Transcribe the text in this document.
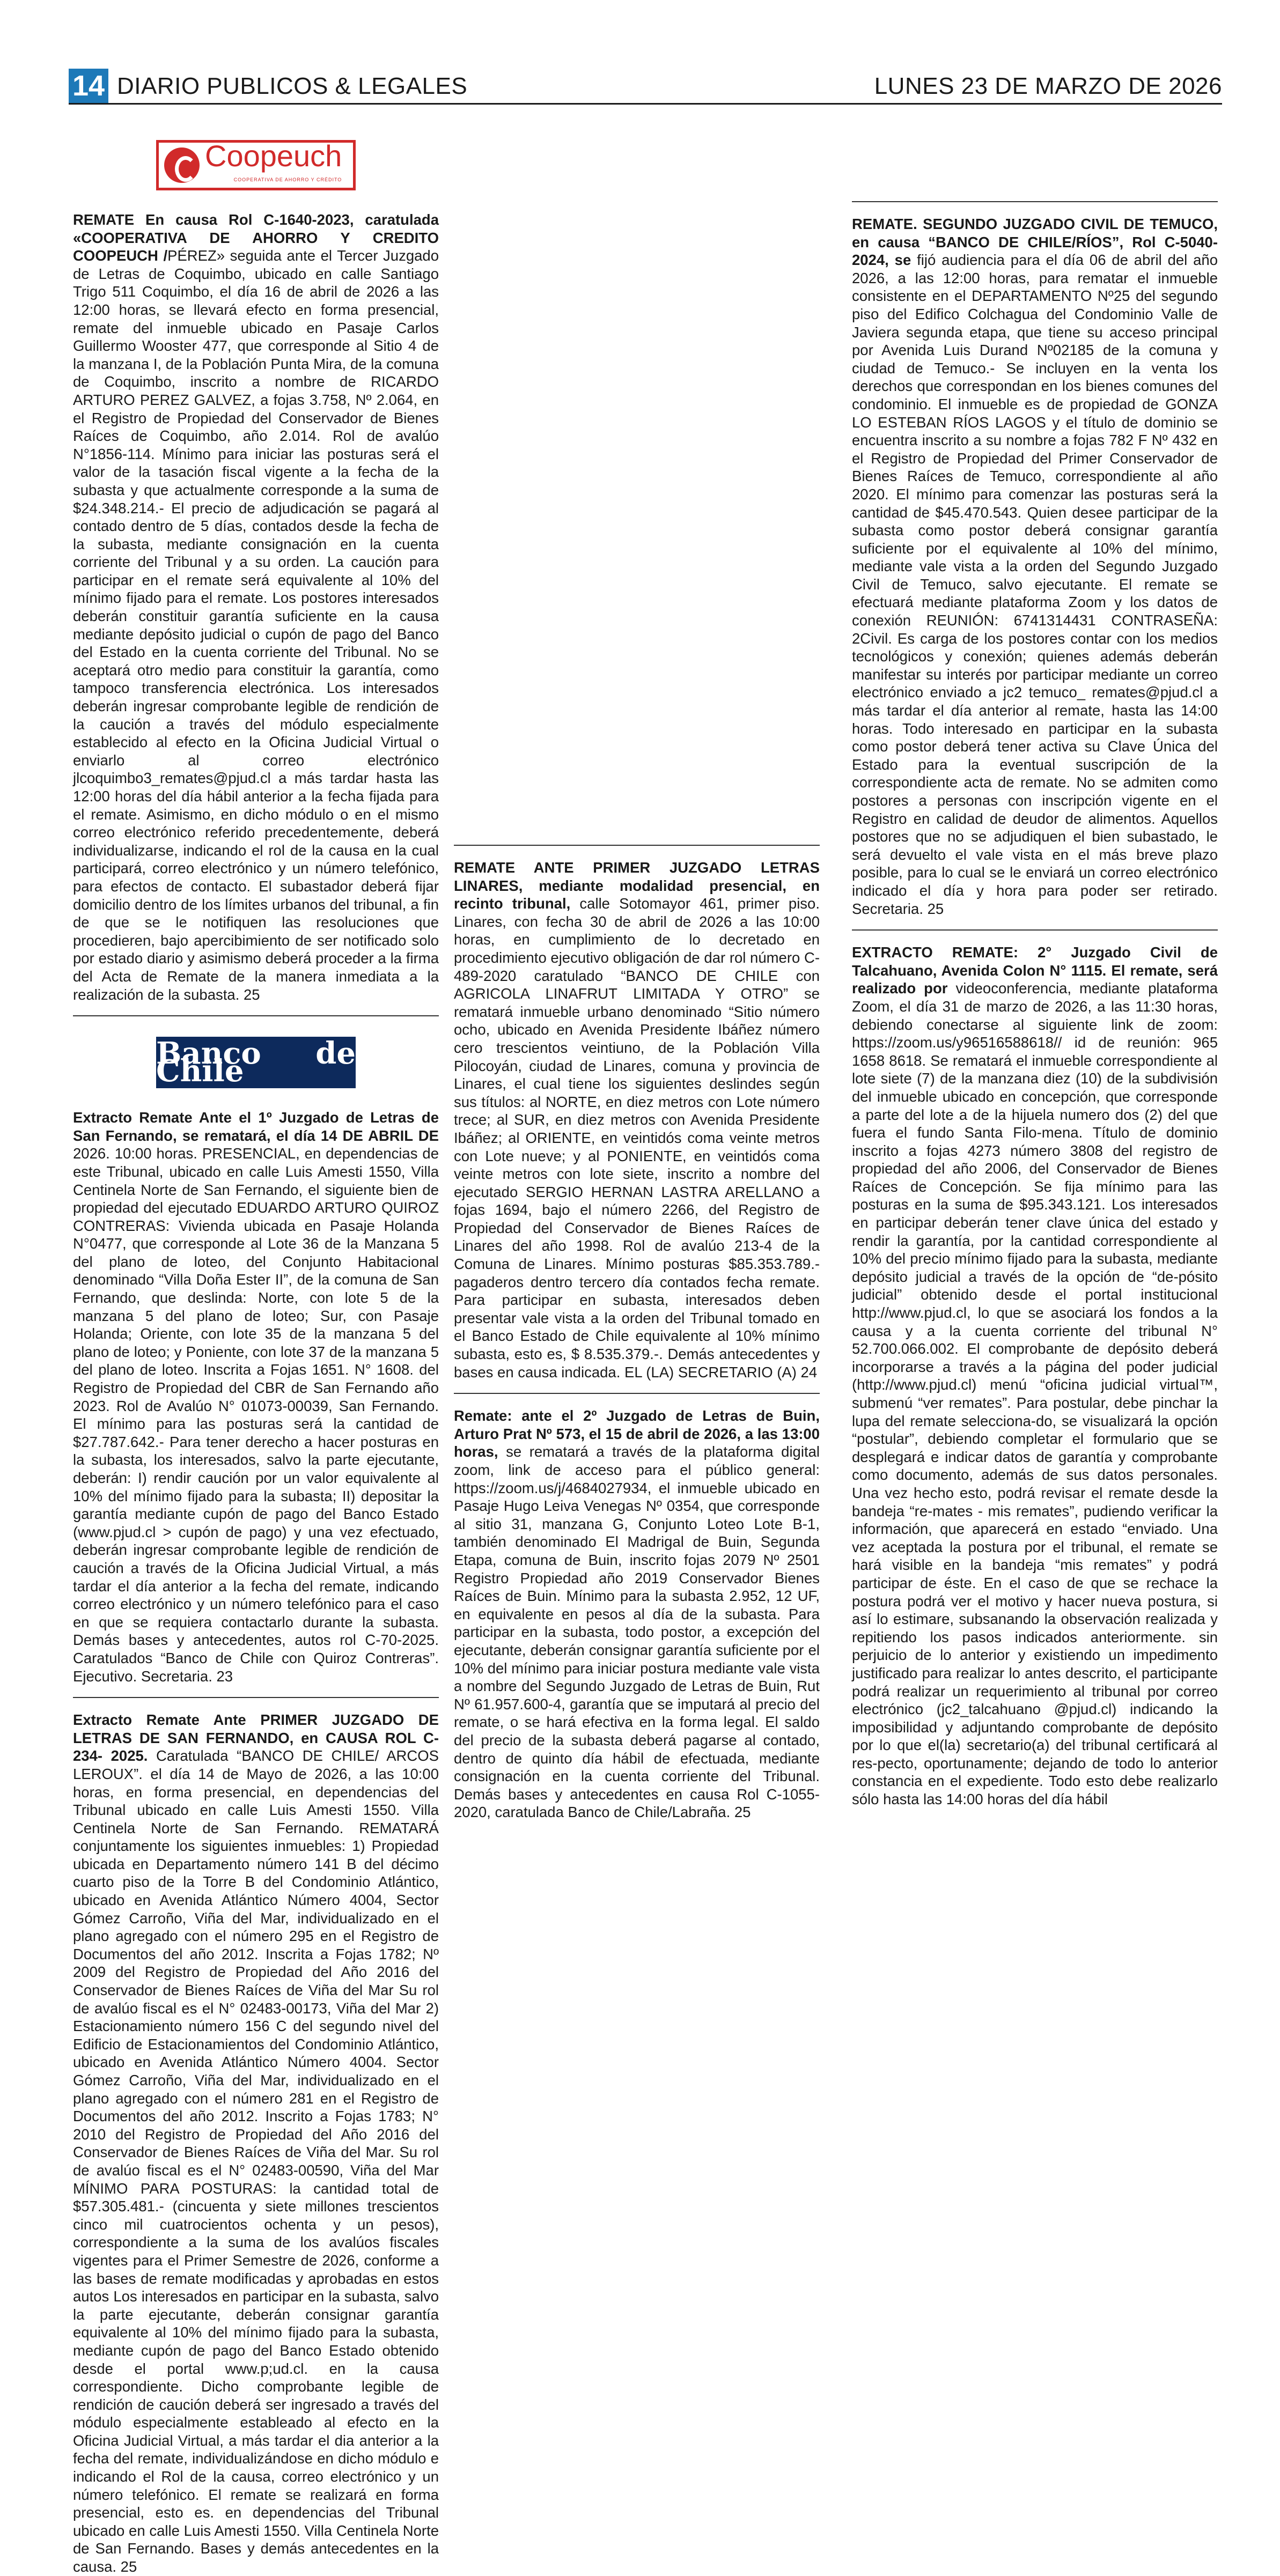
14 DIARIO PUBLICOS & LEGALES	LUNES 23 DE MARZO DE 2026
Coopeuch
COOPERATIVA DE AHORRO Y CRÉDITO

REMATE En causa Rol C-1640-2023, caratulada «COOPERATIVA DE AHORRO Y CREDITO COOPEUCH /PÉREZ» seguida ante el Tercer Juzgado de Letras de Coquimbo, ubicado en calle Santiago Trigo 511 Coquimbo, el día 16 de abril de 2026 a las 12:00 horas, se llevará efecto en forma presencial, remate del inmueble ubicado en Pasaje Carlos Guillermo Wooster 477, que corresponde al Sitio 4 de la manzana I, de la Población Punta Mira, de la comuna de Coquimbo, inscrito a nombre de RICARDO ARTURO PEREZ GALVEZ, a fojas 3.758, Nº 2.064, en el Registro de Propiedad del Conservador de Bienes Raíces de Coquimbo, año 2.014. Rol de avalúo N°1856-114. Mínimo para iniciar las posturas será el valor de la tasación fiscal vigente a la fecha de la subasta y que actualmente corresponde a la suma de $24.348.214.- El precio de adjudicación se pagará al contado dentro de 5 días, contados desde la fecha de la subasta, mediante consignación en la cuenta corriente del Tribunal y a su orden. La caución para participar en el remate será equivalente al 10% del mínimo fijado para el remate. Los postores interesados deberán constituir garantía suficiente en la causa mediante depósito judicial o cupón de pago del Banco del Estado en la cuenta corriente del Tribunal. No se aceptará otro medio para constituir la garantía, como tampoco transferencia electrónica. Los interesados deberán ingresar comprobante legible de rendición de la caución a través del módulo especialmente establecido al efecto en la Oficina Judicial Virtual o enviarlo al correo electrónico jlcoquimbo3_remates@pjud.cl a más tardar hasta las 12:00 horas del día hábil anterior a la fecha fijada para el remate. Asimismo, en dicho módulo o en el mismo correo electrónico referido precedentemente, deberá individualizarse, indicando el rol de la causa en la cual participará, correo electrónico y un número telefónico, para efectos de contacto. El subastador deberá fijar domicilio dentro de los límites urbanos del tribunal, a fin de que se le notifiquen las resoluciones que procedieren, bajo apercibimiento de ser notificado solo por estado diario y asimismo deberá proceder a la firma del Acta de Remate de la manera inmediata a la realización de la subasta. 25

Banco de Chile

Extracto Remate Ante el 1º Juzgado de Letras de San Fernando, se rematará, el día 14 DE ABRIL DE 2026. 10:00 horas. PRESENCIAL, en dependencias de este Tribunal, ubicado en calle Luis Amesti 1550, Villa Centinela Norte de San Fernando, el siguiente bien de propiedad del ejecutado EDUARDO ARTURO QUIROZ CONTRERAS: Vivienda ubicada en Pasaje Holanda N°0477, que corresponde al Lote 36 de la Manzana 5 del plano de loteo, del Conjunto Habitacional denominado “Villa Doña Ester II”, de la comuna de San Fernando, que deslinda: Norte, con lote 5 de la manzana 5 del plano de loteo; Sur, con Pasaje Holanda; Oriente, con lote 35 de la manzana 5 del plano de loteo; y Poniente, con lote 37 de la manzana 5 del plano de loteo. Inscrita a Fojas 1651. N° 1608. del Registro de Propiedad del CBR de San Fernando año 2023. Rol de Avalúo N° 01073-00039, San Fernando. El mínimo para las posturas será la cantidad de $27.787.642.- Para tener derecho a hacer posturas en la subasta, los interesados, salvo la parte ejecutante, deberán: I) rendir caución por un valor equivalente al 10% del mínimo fijado para la subasta; II) depositar la garantía mediante cupón de pago del Banco Estado (www.pjud.cl > cupón de pago) y una vez efectuado, deberán ingresar comprobante legible de rendición de caución a través de la Oficina Judicial Virtual, a más tardar el día anterior a la fecha del remate, indicando correo electrónico y un número telefónico para el caso en que se requiera contactarlo durante la subasta. Demás bases y antecedentes, autos rol C-70-2025. Caratulados “Banco de Chile con Quiroz Contreras”. Ejecutivo. Secretaria. 23

Extracto Remate Ante PRIMER JUZGADO DE LETRAS DE SAN FERNANDO, en CAUSA ROL C-234- 2025. Caratulada “BANCO DE CHILE/ ARCOS LEROUX”. el día 14 de Mayo de 2026, a las 10:00 horas, en forma presencial, en dependencias del Tribunal ubicado en calle Luis Amesti 1550. Villa Centinela Norte de San Fernando. REMATARÁ conjuntamente los siguientes inmuebles: 1) Propiedad ubicada en Departamento número 141 B del décimo cuarto piso de la Torre B del Condominio Atlántico, ubicado en Avenida Atlántico Número 4004, Sector Gómez Carroño, Viña del Mar, individualizado en el plano agregado con el número 295 en el Registro de Documentos del año 2012. Inscrita a Fojas 1782; Nº 2009 del Registro de Propiedad del Año 2016 del Conservador de Bienes Raíces de Viña del Mar Su rol de avalúo fiscal es el N° 02483-00173, Viña del Mar 2) Estacionamiento número 156 C del segundo nivel del Edificio de Estacionamientos del Condominio Atlántico, ubicado en Avenida Atlántico Número 4004. Sector Gómez Carroño, Viña del Mar, individualizado en el plano agregado con el número 281 en el Registro de Documentos del año 2012. Inscrito a Fojas 1783; N° 2010 del Registro de Propiedad del Año 2016 del Conservador de Bienes Raíces de Viña del Mar. Su rol de avalúo fiscal es el N° 02483-00590, Viña del Mar MÍNIMO PARA POSTURAS: la cantidad total de $57.305.481.- (cincuenta y siete millones trescientos cinco mil cuatrocientos ochenta y un pesos), correspondiente a la suma de los avalúos fiscales vigentes para el Primer Semestre de 2026, conforme a las bases de remate modificadas y aprobadas en estos autos Los interesados en participar en la subasta, salvo la parte ejecutante, deberán consignar garantía equivalente al 10% del mínimo fijado para la subasta, mediante cupón de pago del Banco Estado obtenido desde el portal www.p;ud.cl. en la causa correspondiente. Dicho comprobante legible de rendición de caución deberá ser ingresado a través del módulo especialmente estableado al efecto en la Oficina Judicial Virtual, a más tardar el dia anterior a la fecha del remate, individualizándose en dicho módulo e indicando el Rol de la causa, correo electrónico y un número telefónico. El remate se realizará en forma presencial, esto es. en dependencias del Tribunal ubicado en calle Luis Amesti 1550. Villa Centinela Norte de San Fernando. Bases y demás antecedentes en la causa. 25

REMATE ANTE PRIMER JUZGADO LETRAS LINARES, mediante modalidad presencial, en recinto tribunal, calle Sotomayor 461, primer piso. Linares, con fecha 30 de abril de 2026 a las 10:00 horas, en cumplimiento de lo decretado en procedimiento ejecutivo obligación de dar rol número C-489-2020 caratulado “BANCO DE CHILE con AGRICOLA LINAFRUT LIMITADA Y OTRO” se rematará inmueble urbano denominado “Sitio número ocho, ubicado en Avenida Presidente Ibáñez número cero trescientos veintiuno, de la Población Villa Pilocoyán, ciudad de Linares, comuna y provincia de Linares, el cual tiene los siguientes deslindes según sus títulos: al NORTE, en diez metros con Lote número trece; al SUR, en diez metros con Avenida Presidente Ibáñez; al ORIENTE, en veintidós coma veinte metros con Lote nueve; y al PONIENTE, en veintidós coma veinte metros con lote siete, inscrito a nombre del ejecutado SERGIO HERNAN LASTRA ARELLANO a fojas 1694, bajo el número 2266, del Registro de Propiedad del Conservador de Bienes Raíces de Linares del año 1998. Rol de avalúo 213-4 de la Comuna de Linares. Mínimo posturas $85.353.789.- pagaderos dentro tercero día contados fecha remate. Para participar en subasta, interesados deben presentar vale vista a la orden del Tribunal tomado en el Banco Estado de Chile equivalente al 10% mínimo subasta, esto es, $ 8.535.379.-. Demás antecedentes y bases en causa indicada. EL (LA) SECRETARIO (A) 24

Remate: ante el 2º Juzgado de Letras de Buin, Arturo Prat Nº 573, el 15 de abril de 2026, a las 13:00 horas, se rematará a través de la plataforma digital zoom, link de acceso para el público general: https://zoom.us/j/4684027934, el inmueble ubicado en Pasaje Hugo Leiva Venegas Nº 0354, que corresponde al sitio 31, manzana G, Conjunto Loteo Lote B-1, también denominado El Madrigal de Buin, Segunda Etapa, comuna de Buin, inscrito fojas 2079 Nº 2501 Registro Propiedad año 2019 Conservador Bienes Raíces de Buin. Mínimo para la subasta 2.952, 12 UF, en equivalente en pesos al día de la subasta. Para participar en la subasta, todo postor, a excepción del ejecutante, deberán consignar garantía suficiente por el 10% del mínimo para iniciar postura mediante vale vista a nombre del Segundo Juzgado de Letras de Buin, Rut Nº 61.957.600-4, garantía que se imputará al precio del remate, o se hará efectiva en la forma legal. El saldo del precio de la subasta deberá pagarse al contado, dentro de quinto día hábil de efectuada, mediante consignación en la cuenta corriente del Tribunal. Demás bases y antecedentes en causa Rol C-1055-2020, caratulada Banco de Chile/Labraña. 25

REMATE. SEGUNDO JUZGADO CIVIL DE TEMUCO, en causa “BANCO DE CHILE/RÍOS”, Rol C-5040-2024, se fijó audiencia para el día 06 de abril del año 2026, a las 12:00 horas, para rematar el inmueble consistente en el DEPARTAMENTO Nº25 del segundo piso del Edifico Colchagua del Condominio Valle de Javiera segunda etapa, que tiene su acceso principal por Avenida Luis Durand Nº02185 de la comuna y ciudad de Temuco.- Se incluyen en la venta los derechos que correspondan en los bienes comunes del condominio. El inmueble es de propiedad de GONZA LO ESTEBAN RÍOS LAGOS y el título de dominio se encuentra inscrito a su nombre a fojas 782 F Nº 432 en el Registro de Propiedad del Primer Conservador de Bienes Raíces de Temuco, correspondiente al año 2020. El mínimo para comenzar las posturas será la cantidad de $45.470.543. Quien desee participar de la subasta como postor deberá consignar garantía suficiente por el equivalente al 10% del mínimo, mediante vale vista a la orden del Segundo Juzgado Civil de Temuco, salvo ejecutante. El remate se efectuará mediante plataforma Zoom y los datos de conexión REUNIÓN: 6741314431 CONTRASEÑA: 2Civil. Es carga de los postores contar con los medios tecnológicos y conexión; quienes además deberán manifestar su interés por participar mediante un correo electrónico enviado a jc2 temuco_ remates@pjud.cl a más tardar el día anterior al remate, hasta las 14:00 horas. Todo interesado en participar en la subasta como postor deberá tener activa su Clave Única del Estado para la eventual suscripción de la correspondiente acta de remate. No se admiten como postores a personas con inscripción vigente en el Registro en calidad de deudor de alimentos. Aquellos postores que no se adjudiquen el bien subastado, le será devuelto el vale vista en el más breve plazo posible, para lo cual se le enviará un correo electrónico indicado el día y hora para poder ser retirado. Secretaria. 25

EXTRACTO REMATE: 2° Juzgado Civil de Talcahuano, Avenida Colon N° 1115. El remate, será realizado por videoconferencia, mediante plataforma Zoom, el día 31 de marzo de 2026, a las 11:30 horas, debiendo conectarse al siguiente link de zoom: https://zoom.us/y96516588618// id de reunión: 965 1658 8618. Se rematará el inmueble correspondiente al lote siete (7) de la manzana diez (10) de la subdivisión del inmueble ubicado en concepción, que corresponde a parte del lote a de la hijuela numero dos (2) del que fuera el fundo Santa Filo-mena. Título de dominio inscrito a fojas 4273 número 3808 del registro de propiedad del año 2006, del Conservador de Bienes Raíces de Concepción. Se fija mínimo para las posturas en la suma de $95.343.121. Los interesados en participar deberán tener clave única del estado y rendir la garantía, por la cantidad correspondiente al 10% del precio mínimo fijado para la subasta, mediante depósito judicial a través de la opción de “de-pósito judicial” obtenido desde el portal institucional http://www.pjud.cl, lo que se asociará los fondos a la causa y a la cuenta corriente del tribunal N° 52.700.066.002. El comprobante de depósito deberá incorporarse a través a la página del poder judicial (http://www.pjud.cl) menú “oficina judicial virtual™, submenú “ver remates”. Para postular, debe pinchar la lupa del remate selecciona-do, se visualizará la opción “postular”, debiendo completar el formulario que se desplegará e indicar datos de garantía y comprobante como documento, además de sus datos personales. Una vez hecho esto, podrá revisar el remate desde la bandeja “re-mates - mis remates”, pudiendo verificar la información, que aparecerá en estado “enviado. Una vez aceptada la postura por el tribunal, el remate se hará visible en la bandeja “mis remates” y podrá participar de éste. En el caso de que se rechace la postura podrá ver el motivo y hacer nueva postura, si así lo estimare, subsanando la observación realizada y repitiendo los pasos indicados anteriormente. sin perjuicio de lo anterior y existiendo un impedimento justificado para realizar lo antes descrito, el participante podrá realizar un requerimiento al tribunal por correo electrónico (jc2_talcahuano @pjud.cl) indicando la imposibilidad y adjuntando comprobante de depósito por lo que el(la) secretario(a) del tribunal certificará al res-pecto, oportunamente; dejando de todo lo anterior constancia en el expediente. Todo esto debe realizarlo sólo hasta las 14:00 horas del día hábil
